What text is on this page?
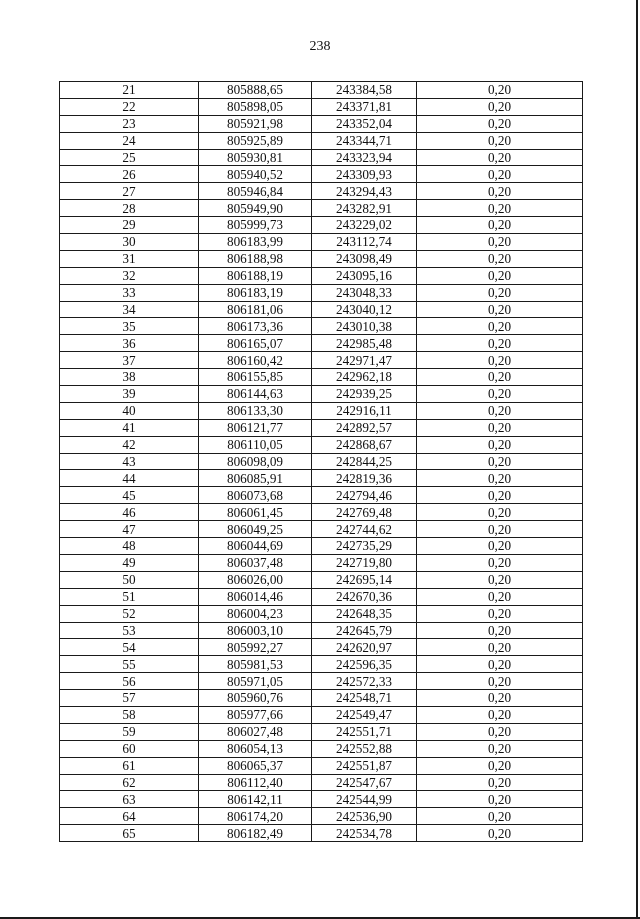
238
21	805888,65	243384,58	0,20
22	805898,05	243371,81	0,20
23	805921,98	243352,04	0,20
24	805925,89	243344,71	0,20
25	805930,81	243323,94	0,20
26	805940,52	243309,93	0,20
27	805946,84	243294,43	0,20
28	805949,90	243282,91	0,20
29	805999,73	243229,02	0,20
30	806183,99	243112,74	0,20
31	806188,98	243098,49	0,20
32	806188,19	243095,16	0,20
33	806183,19	243048,33	0,20
34	806181,06	243040,12	0,20
35	806173,36	243010,38	0,20
36	806165,07	242985,48	0,20
37	806160,42	242971,47	0,20
38	806155,85	242962,18	0,20
39	806144,63	242939,25	0,20
40	806133,30	242916,11	0,20
41	806121,77	242892,57	0,20
42	806110,05	242868,67	0,20
43	806098,09	242844,25	0,20
44	806085,91	242819,36	0,20
45	806073,68	242794,46	0,20
46	806061,45	242769,48	0,20
47	806049,25	242744,62	0,20
48	806044,69	242735,29	0,20
49	806037,48	242719,80	0,20
50	806026,00	242695,14	0,20
51	806014,46	242670,36	0,20
52	806004,23	242648,35	0,20
53	806003,10	242645,79	0,20
54	805992,27	242620,97	0,20
55	805981,53	242596,35	0,20
56	805971,05	242572,33	0,20
57	805960,76	242548,71	0,20
58	805977,66	242549,47	0,20
59	806027,48	242551,71	0,20
60	806054,13	242552,88	0,20
61	806065,37	242551,87	0,20
62	806112,40	242547,67	0,20
63	806142,11	242544,99	0,20
64	806174,20	242536,90	0,20
65	806182,49	242534,78	0,20
